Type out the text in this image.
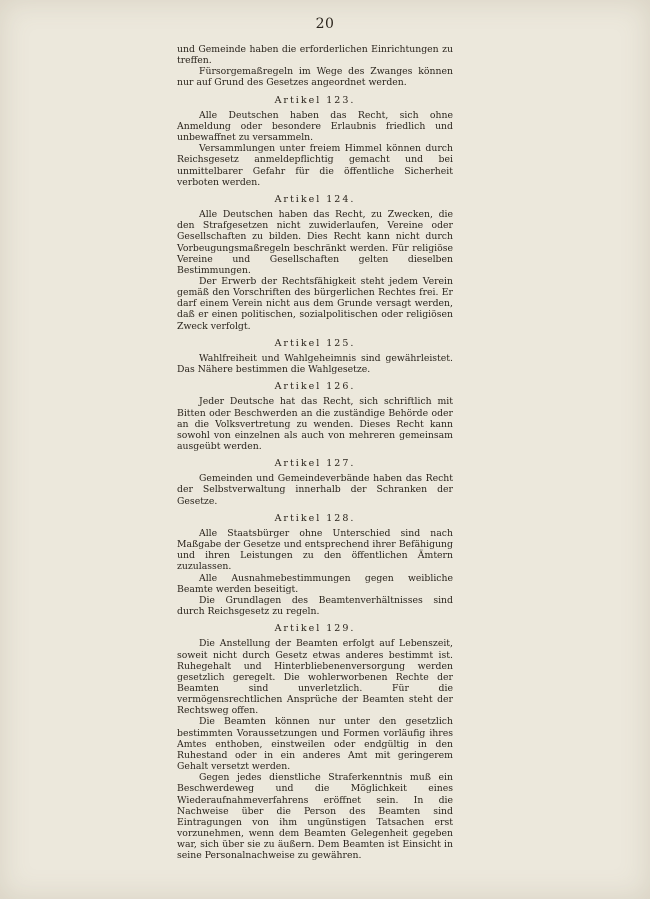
20

und Gemeinde haben die erforderlichen Einrichtungen zu treffen.

Fürsorgemaßregeln im Wege des Zwanges können nur auf Grund des Gesetzes angeordnet werden.

Artikel 123.

Alle Deutschen haben das Recht, sich ohne Anmeldung oder besondere Erlaubnis friedlich und unbewaffnet zu versammeln.

Versammlungen unter freiem Himmel können durch Reichsgesetz anmeldepflichtig gemacht und bei unmittelbarer Gefahr für die öffentliche Sicherheit verboten werden.

Artikel 124.

Alle Deutschen haben das Recht, zu Zwecken, die den Strafgesetzen nicht zuwiderlaufen, Vereine oder Gesellschaften zu bilden. Dies Recht kann nicht durch Vorbeugungsmaßregeln beschränkt werden. Für religiöse Vereine und Gesellschaften gelten dieselben Bestimmungen.

Der Erwerb der Rechtsfähigkeit steht jedem Verein gemäß den Vorschriften des bürgerlichen Rechtes frei. Er darf einem Verein nicht aus dem Grunde versagt werden, daß er einen politischen, sozialpolitischen oder religiösen Zweck verfolgt.

Artikel 125.

Wahlfreiheit und Wahlgeheimnis sind gewährleistet. Das Nähere bestimmen die Wahlgesetze.

Artikel 126.

Jeder Deutsche hat das Recht, sich schriftlich mit Bitten oder Beschwerden an die zuständige Behörde oder an die Volksvertretung zu wenden. Dieses Recht kann sowohl von einzelnen als auch von mehreren gemeinsam ausgeübt werden.

Artikel 127.

Gemeinden und Gemeindeverbände haben das Recht der Selbstverwaltung innerhalb der Schranken der Gesetze.

Artikel 128.

Alle Staatsbürger ohne Unterschied sind nach Maßgabe der Gesetze und entsprechend ihrer Befähigung und ihren Leistungen zu den öffentlichen Ämtern zuzulassen.

Alle Ausnahmebestimmungen gegen weibliche Beamte werden beseitigt.

Die Grundlagen des Beamtenverhältnisses sind durch Reichsgesetz zu regeln.

Artikel 129.

Die Anstellung der Beamten erfolgt auf Lebenszeit, soweit nicht durch Gesetz etwas anderes bestimmt ist. Ruhegehalt und Hinterbliebenenversorgung werden gesetzlich geregelt. Die wohlerworbenen Rechte der Beamten sind unverletzlich. Für die vermögensrechtlichen Ansprüche der Beamten steht der Rechtsweg offen.

Die Beamten können nur unter den gesetzlich bestimmten Voraussetzungen und Formen vorläufig ihres Amtes enthoben, einstweilen oder endgültig in den Ruhestand oder in ein anderes Amt mit geringerem Gehalt versetzt werden.

Gegen jedes dienstliche Straferkenntnis muß ein Beschwerdeweg und die Möglichkeit eines Wiederaufnahmeverfahrens eröffnet sein. In die Nachweise über die Person des Beamten sind Eintragungen von ihm ungünstigen Tatsachen erst vorzunehmen, wenn dem Beamten Gelegenheit gegeben war, sich über sie zu äußern. Dem Beamten ist Einsicht in seine Personalnachweise zu gewähren.
